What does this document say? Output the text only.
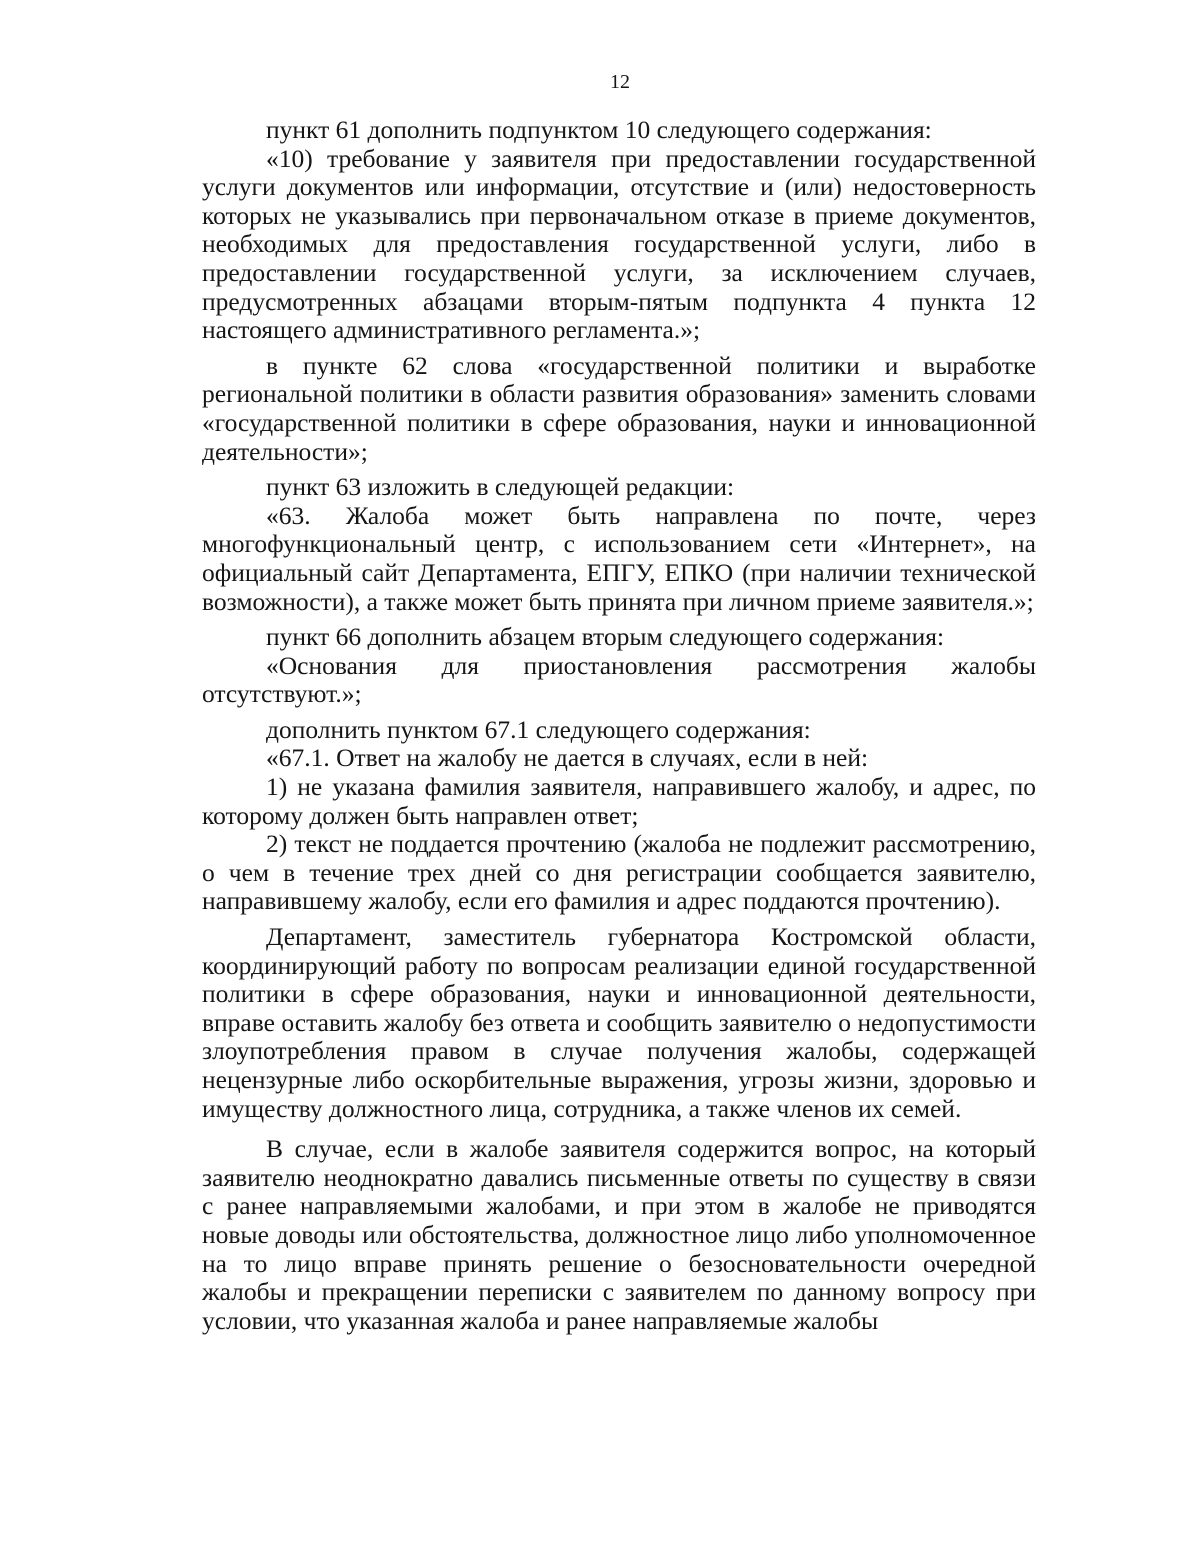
12

пункт 61 дополнить подпунктом 10 следующего содержания:

«10) требование у заявителя при предоставлении государственной услуги документов или информации, отсутствие и (или) недостоверность которых не указывались при первоначальном отказе в приеме документов, необходимых для предоставления государственной услуги, либо в предоставлении государственной услуги, за исключением случаев, предусмотренных абзацами вторым-пятым подпункта 4 пункта 12 настоящего административного регламента.»;

в пункте 62 слова «государственной политики и выработке региональной политики в области развития образования» заменить словами «государственной политики в сфере образования, науки и инновационной деятельности»;

пункт 63 изложить в следующей редакции:

«63. Жалоба может быть направлена по почте, через многофункциональный центр, с использованием сети «Интернет», на официальный сайт Департамента, ЕПГУ, ЕПКО (при наличии технической возможности), а также может быть принята при личном приеме заявителя.»;

пункт 66 дополнить абзацем вторым следующего содержания:

«Основания для приостановления рассмотрения жалобы отсутствуют.»;

дополнить пунктом 67.1 следующего содержания:

«67.1. Ответ на жалобу не дается в случаях, если в ней:

1) не указана фамилия заявителя, направившего жалобу, и адрес, по которому должен быть направлен ответ;

2) текст не поддается прочтению (жалоба не подлежит рассмотрению, о чем в течение трех дней со дня регистрации сообщается заявителю, направившему жалобу, если его фамилия и адрес поддаются прочтению).

Департамент, заместитель губернатора Костромской области, координирующий работу по вопросам реализации единой государственной политики в сфере образования, науки и инновационной деятельности, вправе оставить жалобу без ответа и сообщить заявителю о недопустимости злоупотребления правом в случае получения жалобы, содержащей нецензурные либо оскорбительные выражения, угрозы жизни, здоровью и имуществу должностного лица, сотрудника, а также членов их семей.

В случае, если в жалобе заявителя содержится вопрос, на который заявителю неоднократно давались письменные ответы по существу в связи с ранее направляемыми жалобами, и при этом в жалобе не приводятся новые доводы или обстоятельства, должностное лицо либо уполномоченное на то лицо вправе принять решение о безосновательности очередной жалобы и прекращении переписки с заявителем по данному вопросу при условии, что указанная жалоба и ранее направляемые жалобы
